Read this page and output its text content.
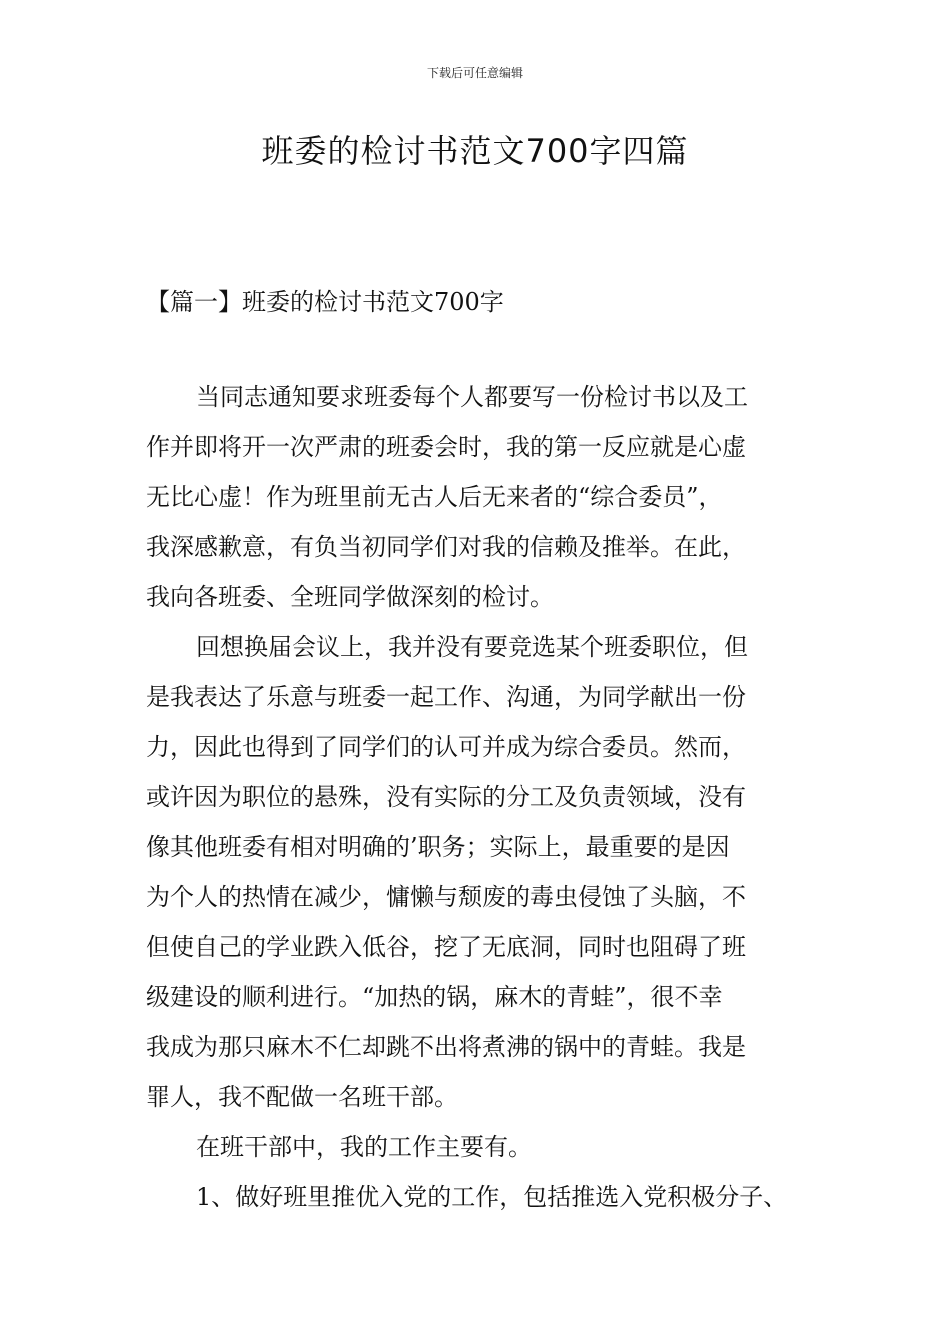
下载后可任意编辑
班委的检讨书范文700字四篇
【篇一】班委的检讨书范文700字
当同志通知要求班委每个人都要写一份检讨书以及工
作并即将开一次严肃的班委会时，我的第一反应就是心虚
无比心虚！作为班里前无古人后无来者的“综合委员”，
我深感歉意，有负当初同学们对我的信赖及推举。在此，
我向各班委、全班同学做深刻的检讨。
回想换届会议上，我并没有要竞选某个班委职位，但
是我表达了乐意与班委一起工作、沟通，为同学献出一份
力，因此也得到了同学们的认可并成为综合委员。然而，
或许因为职位的悬殊，没有实际的分工及负责领域，没有
像其他班委有相对明确的’职务；实际上，最重要的是因
为个人的热情在减少，慵懒与颓废的毒虫侵蚀了头脑，不
但使自己的学业跌入低谷，挖了无底洞，同时也阻碍了班
级建设的顺利进行。“加热的锅，麻木的青蛙”，很不幸
我成为那只麻木不仁却跳不出将煮沸的锅中的青蛙。我是
罪人，我不配做一名班干部。
在班干部中，我的工作主要有。
1、做好班里推优入党的工作，包括推选入党积极分子、
